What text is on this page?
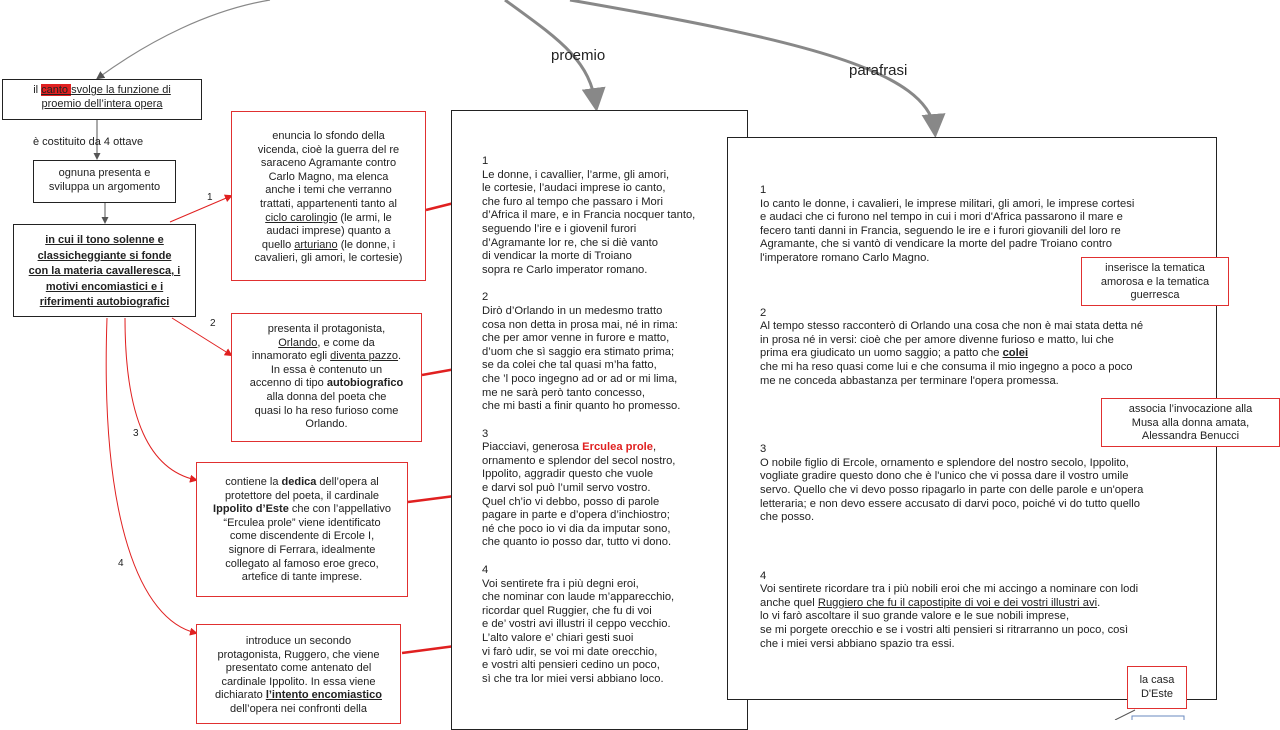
proemio
parafrasi
il canto svolge la funzione di
proemio dell’intera opera
è costituito da 4 ottave
ognuna presenta e
sviluppa un argomento
in cui il tono solenne e
classicheggiante si fonde
con la materia cavalleresca, i
motivi encomiastici e i
riferimenti autobiografici
1
2
3
4
enuncia lo sfondo della
vicenda, cioè la guerra del re
saraceno Agramante contro
Carlo Magno, ma elenca
anche i temi che verranno
trattati, appartenenti tanto al
ciclo carolingio (le armi, le
audaci imprese) quanto a
quello arturiano (le donne, i
cavalieri, gli amori, le cortesie)
presenta il protagonista,
Orlando, e come da
innamorato egli diventa pazzo.
In essa è contenuto un
accenno di tipo autobiografico
alla donna del poeta che
quasi lo ha reso furioso come
Orlando.
contiene la dedica dell’opera al
protettore del poeta, il cardinale
Ippolito d’Este che con l’appellativo
“Erculea prole” viene identificato
come discendente di Ercole I,
signore di Ferrara, idealmente
collegato al famoso eroe greco,
artefice di tante imprese.
introduce un secondo
protagonista, Ruggero, che viene
presentato come antenato del
cardinale Ippolito. In essa viene
dichiarato l’intento encomiastico
dell’opera nei confronti della
1
Le donne, i cavallier, l’arme, gli amori,
le cortesie, l’audaci imprese io canto,
che furo al tempo che passaro i Mori
d’Africa il mare, e in Francia nocquer tanto,
seguendo l’ire e i giovenil furori
d’Agramante lor re, che si diè vanto
di vendicar la morte di Troiano
sopra re Carlo imperator romano.
2
Dirò d’Orlando in un medesmo tratto
cosa non detta in prosa mai, né in rima:
che per amor venne in furore e matto,
d’uom che sì saggio era stimato prima;
se da colei che tal quasi m’ha fatto,
che ’l poco ingegno ad or ad or mi lima,
me ne sarà però tanto concesso,
che mi basti a finir quanto ho promesso.
3
Piacciavi, generosa Erculea prole,
ornamento e splendor del secol nostro,
Ippolito, aggradir questo che vuole
e darvi sol può l’umil servo vostro.
Quel ch’io vi debbo, posso di parole
pagare in parte e d’opera d’inchiostro;
né che poco io vi dia da imputar sono,
che quanto io posso dar, tutto vi dono.
4
Voi sentirete fra i più degni eroi,
che nominar con laude m’apparecchio,
ricordar quel Ruggier, che fu di voi
e de’ vostri avi illustri il ceppo vecchio.
L’alto valore e’ chiari gesti suoi
vi farò udir, se voi mi date orecchio,
e vostri alti pensieri cedino un poco,
sì che tra lor miei versi abbiano loco.
1
Io canto le donne, i cavalieri, le imprese militari, gli amori, le imprese cortesi
e audaci che ci furono nel tempo in cui i mori d'Africa passarono il mare e
fecero tanti danni in Francia, seguendo le ire e i furori giovanili del loro re
Agramante, che si vantò di vendicare la morte del padre Troiano contro
l'imperatore romano Carlo Magno.
2
Al tempo stesso racconterò di Orlando una cosa che non è mai stata detta né
in prosa né in versi: cioè che per amore divenne furioso e matto, lui che
prima era giudicato un uomo saggio; a patto che colei
che mi ha reso quasi come lui e che consuma il mio ingegno a poco a poco
me ne conceda abbastanza per terminare l'opera promessa.
3
O nobile figlio di Ercole, ornamento e splendore del nostro secolo, Ippolito,
vogliate gradire questo dono che è l'unico che vi possa dare il vostro umile
servo. Quello che vi devo posso ripagarlo in parte con delle parole e un'opera
letteraria; e non devo essere accusato di darvi poco, poiché vi do tutto quello
che posso.
4
Voi sentirete ricordare tra i più nobili eroi che mi accingo a nominare con lodi
anche quel Ruggiero che fu il capostipite di voi e dei vostri illustri avi.
lo vi farò ascoltare il suo grande valore e le sue nobili imprese,
se mi porgete orecchio e se i vostri alti pensieri si ritrarranno un poco, così
che i miei versi abbiano spazio tra essi.
inserisce la tematica
amorosa e la tematica
guerresca
associa l’invocazione alla
Musa alla donna amata,
Alessandra Benucci
la casa
D'Este
